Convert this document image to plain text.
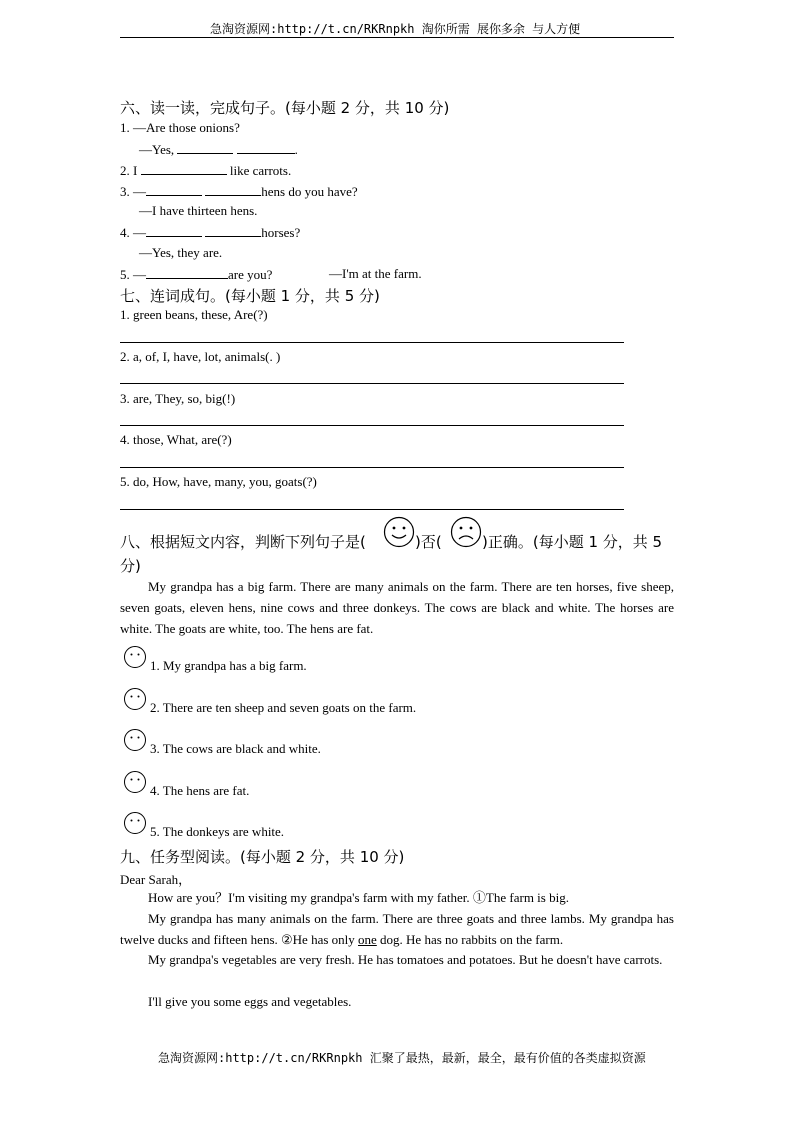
急淘资源网:http://t.cn/RKRnpkh 淘你所需 展你多余 与人方便
六、读一读，完成句子。(每小题 2 分，共 10 分)
1. —Are those onions?
—Yes,	.
2. I	like carrots.
3. —	hens do you have?
—I have thirteen hens.
4. —	horses?
—Yes, they are.
5. —	are you?	—I'm at the farm.
七、连词成句。(每小题 1 分，共 5 分)
1. green beans, these, Are(?)
2. a, of, I, have, lot, animals(. )
3. are, They, so, big(!)
4. those, What, are(?)
5. do, How, have, many, you, goats(?)
八、根据短文内容，判断下列句子是(	)否(	)正确。(每小题 1 分，共 5
分)
My grandpa has a big farm. There are many animals on the farm. There are ten horses, five sheep, seven goats, eleven hens, nine cows and three donkeys. The cows are black and white. The horses are white. The goats are white, too. The hens are fat.
1. My grandpa has a big farm.
2. There are ten sheep and seven goats on the farm.
3. The cows are black and white.
4. The hens are fat.
5. The donkeys are white.
九、任务型阅读。(每小题 2 分，共 10 分)
Dear Sarah，
How are you？I'm visiting my grandpa's farm with my father. ①The farm is big.
My grandpa has many animals on the farm. There are three goats and three lambs. My grandpa has twelve ducks and fifteen hens. ②He has only one dog. He has no rabbits on the farm.
My grandpa's vegetables are very fresh. He has tomatoes and potatoes. But he doesn't have carrots.
I'll give you some eggs and vegetables.
急淘资源网:http://t.cn/RKRnpkh 汇聚了最热，最新，最全，最有价值的各类虚拟资源
